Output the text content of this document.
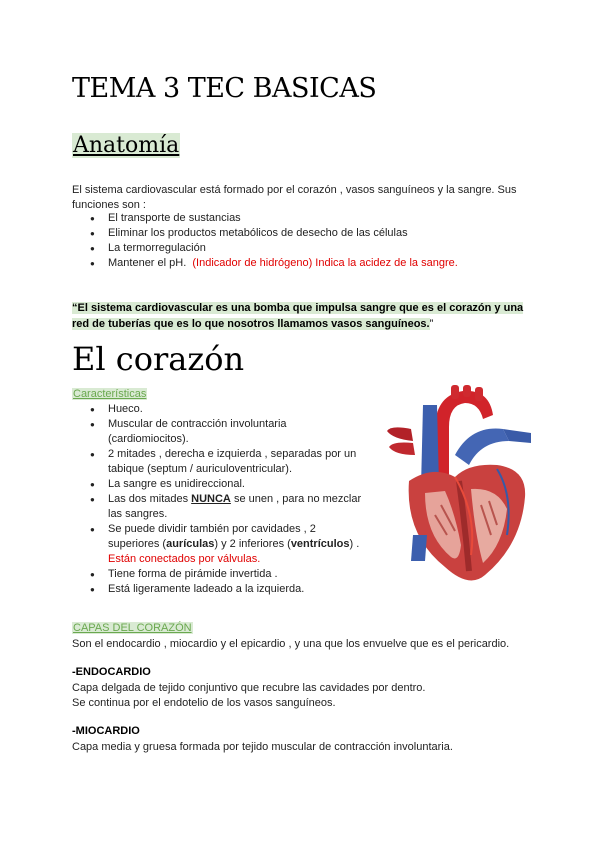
TEMA 3 TEC BASICAS
Anatomía
El sistema cardiovascular está formado por el corazón , vasos sanguíneos y la sangre. Sus funciones son :
● El transporte de sustancias
● Eliminar los productos metabólicos de desecho de las células
● La termorregulación
● Mantener el pH. (Indicador de hidrógeno) Indica la acidez de la sangre.
“El sistema cardiovascular es una bomba que impulsa sangre que es el corazón y una red de tuberías que es lo que nosotros llamamos vasos sanguíneos.”
El corazón
Características
● Hueco.
● Muscular de contracción involuntaria (cardiomiocitos).
● 2 mitades , derecha e izquierda , separadas por un tabique (septum / auriculoventricular).
● La sangre es unidireccional.
● Las dos mitades NUNCA se unen , para no mezclar las sangres.
● Se puede dividir también por cavidades , 2 superiores (aurículas) y 2 inferiores (ventrículos) . Están conectados por válvulas.
● Tiene forma de pirámide invertida .
● Está ligeramente ladeado a la izquierda.
CAPAS DEL CORAZÓN
Son el endocardio , miocardio y el epicardio , y una que los envuelve que es el pericardio.
-ENDOCARDIO
Capa delgada de tejido conjuntivo que recubre las cavidades por dentro.
Se continua por el endotelio de los vasos sanguíneos.
-MIOCARDIO
Capa media y gruesa formada por tejido muscular de contracción involuntaria.
